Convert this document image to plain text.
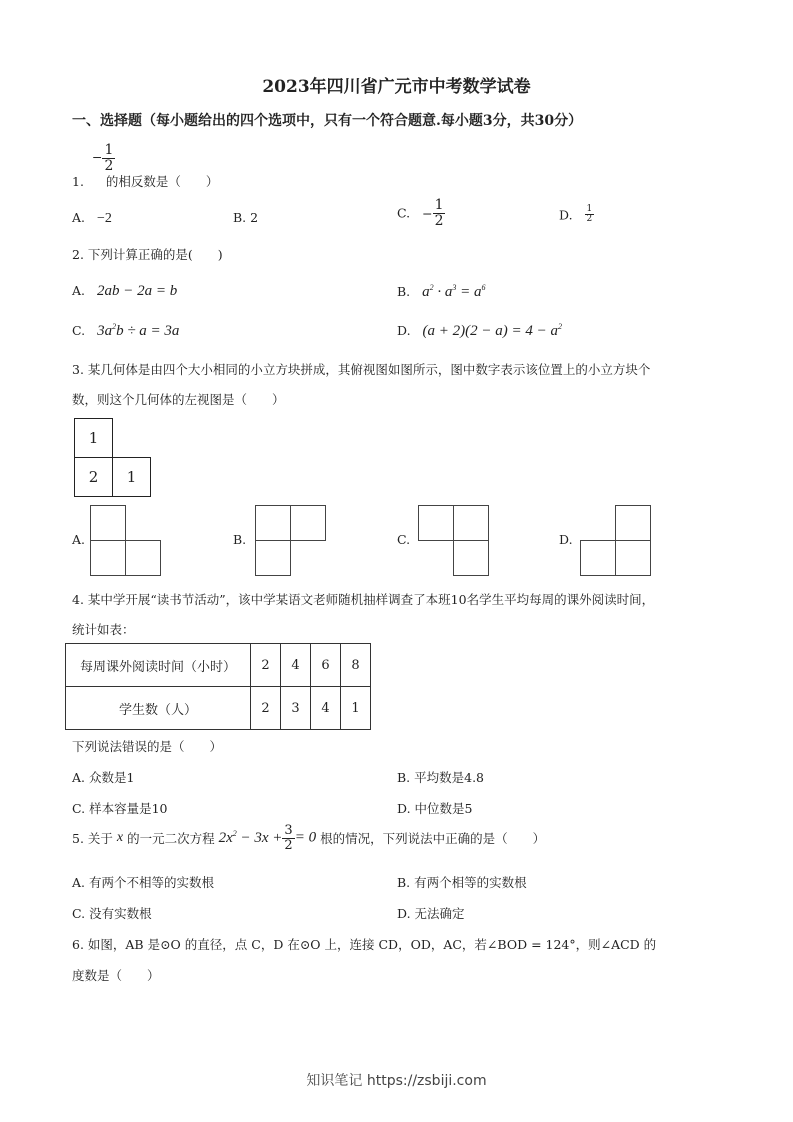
2023年四川省广元市中考数学试卷
一、选择题（每小题给出的四个选项中，只有一个符合题意.每小题3分，共30分）
− $\frac{1}{2}$
1. 的相反数是（　　）
A. −2	B. 2	C. − $\frac{1}{2}$	D. $\frac{1}{2}$
2. 下列计算正确的是(　　)
A. 2ab − 2a = b	B. $a^2 \cdot a^3 = a^6$
C. $3a^2b \div a = 3a$	D. $(a + 2)(2 - a) = 4 - a^2$
3. 某几何体是由四个大小相同的小立方块拼成，其俯视图如图所示，图中数字表示该位置上的小立方块个
数，则这个几何体的左视图是（　　）
1	
2	1
A.	B.	C.	D.
4. 某中学开展“读书节活动”，该中学某语文老师随机抽样调查了本班10名学生平均每周的课外阅读时间，
统计如表：
每周课外阅读时间（小时）	2	4	6	8
学生数（人）	2	3	4	1
下列说法错误的是（　　）
A. 众数是1	B. 平均数是4.8
C. 样本容量是10	D. 中位数是5
5. 关于 x 的一元二次方程 $2x^2 - 3x + \frac{3}{2} = 0$ 根的情况，下列说法中正确的是（　　）
A. 有两个不相等的实数根	B. 有两个相等的实数根
C. 没有实数根	D. 无法确定
6. 如图，AB 是⊙O 的直径，点 C，D 在⊙O 上，连接 CD，OD，AC，若∠BOD = 124°，则∠ACD 的
度数是（　　）
知识笔记 https://zsbiji.com
